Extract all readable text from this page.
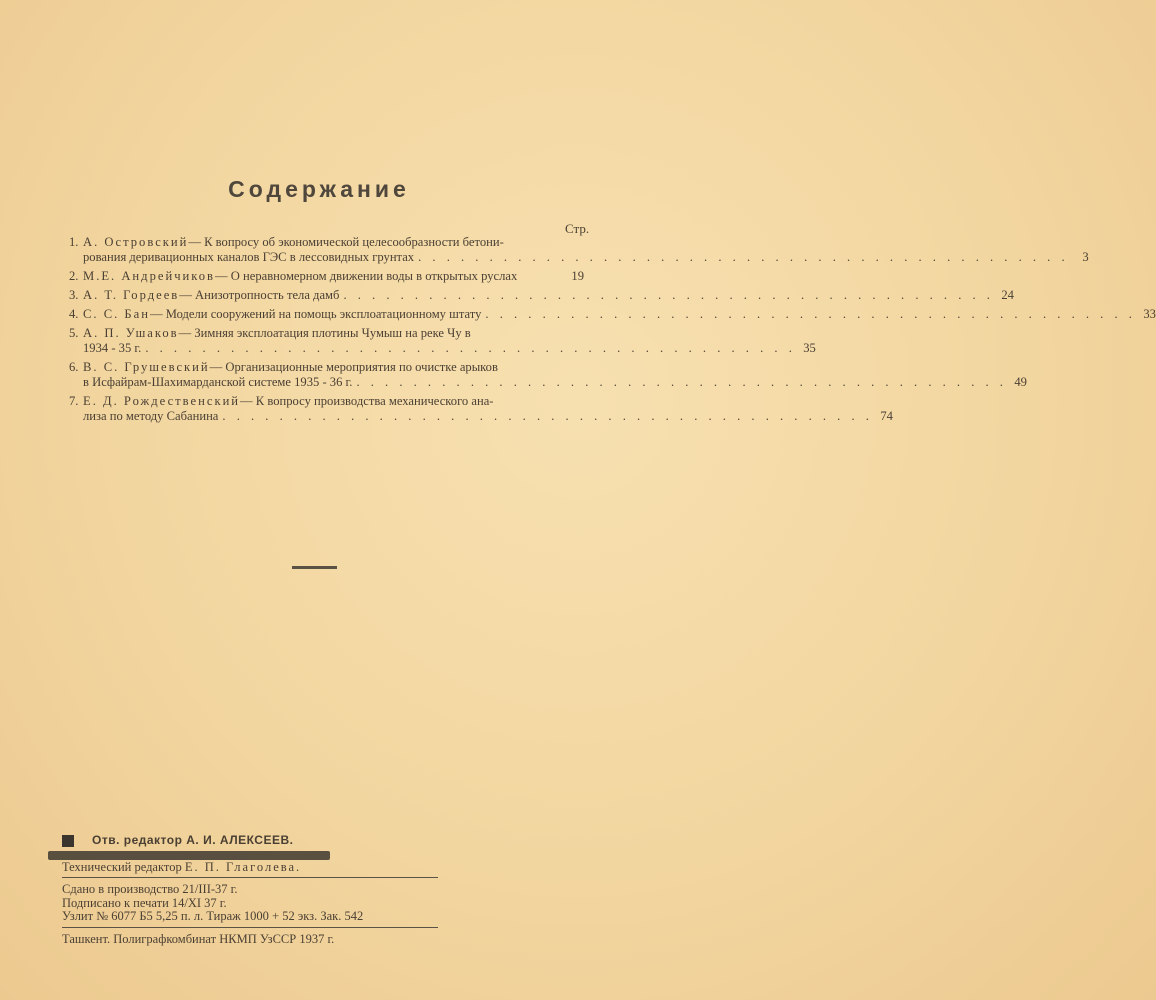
Содержание
Стр.
1. А. Островский— К вопросу об экономической целесообразности бетони-
рования деривационных каналов ГЭС в лессовидных грунтах . . . . . . . . . . . . . . . . . . . . . . . . . . . . . . . . . . . . . . . . . . . . . .	3
2. М.Е. Андрейчиков— О неравномерном движении воды в открытых руслах	19
3. А. Т. Гордеев— Анизотропность тела дамб . . . . . . . . . . . . . . . . . . . . . . . . . . . . . . . . . . . . . . . . . . . . . . 24
4. С. С. Бан— Модели сооружений на помощь эксплоатационному штату . . . . . . . . . . . . . . . . . . . . . . . . . . . . . . . . . . . . . . . . . . . . . . 33
5. А. П. Ушаков— Зимняя эксплоатация плотины Чумыш на реке Чу в
1934 - 35 г. . . . . . . . . . . . . . . . . . . . . . . . . . . . . . . . . . . . . . . . . . . . . . . 35
6. В. С. Грушевский— Организационные мероприятия по очистке арыков
в Исфайрам-Шахимарданской системе 1935 - 36 г. . . . . . . . . . . . . . . . . . . . . . . . . . . . . . . . . . . . . . . . . . . . . . . 49
7. Е. Д. Рождественский— К вопросу производства механического ана-
лиза по методу Сабанина . . . . . . . . . . . . . . . . . . . . . . . . . . . . . . . . . . . . . . . . . . . . . . 74
Отв. редактор А. И. АЛЕКСЕЕВ.
Технический редактор Е. П. Глаголева.
Сдано в производство 21/III-37 г.
Подписано к печати 14/XI 37 г.
Узлит № 6077 Б5 5,25 п. л. Тираж 1000 + 52 экз. Зак. 542
Ташкент. Полиграфкомбинат НКМП УзССР 1937 г.
